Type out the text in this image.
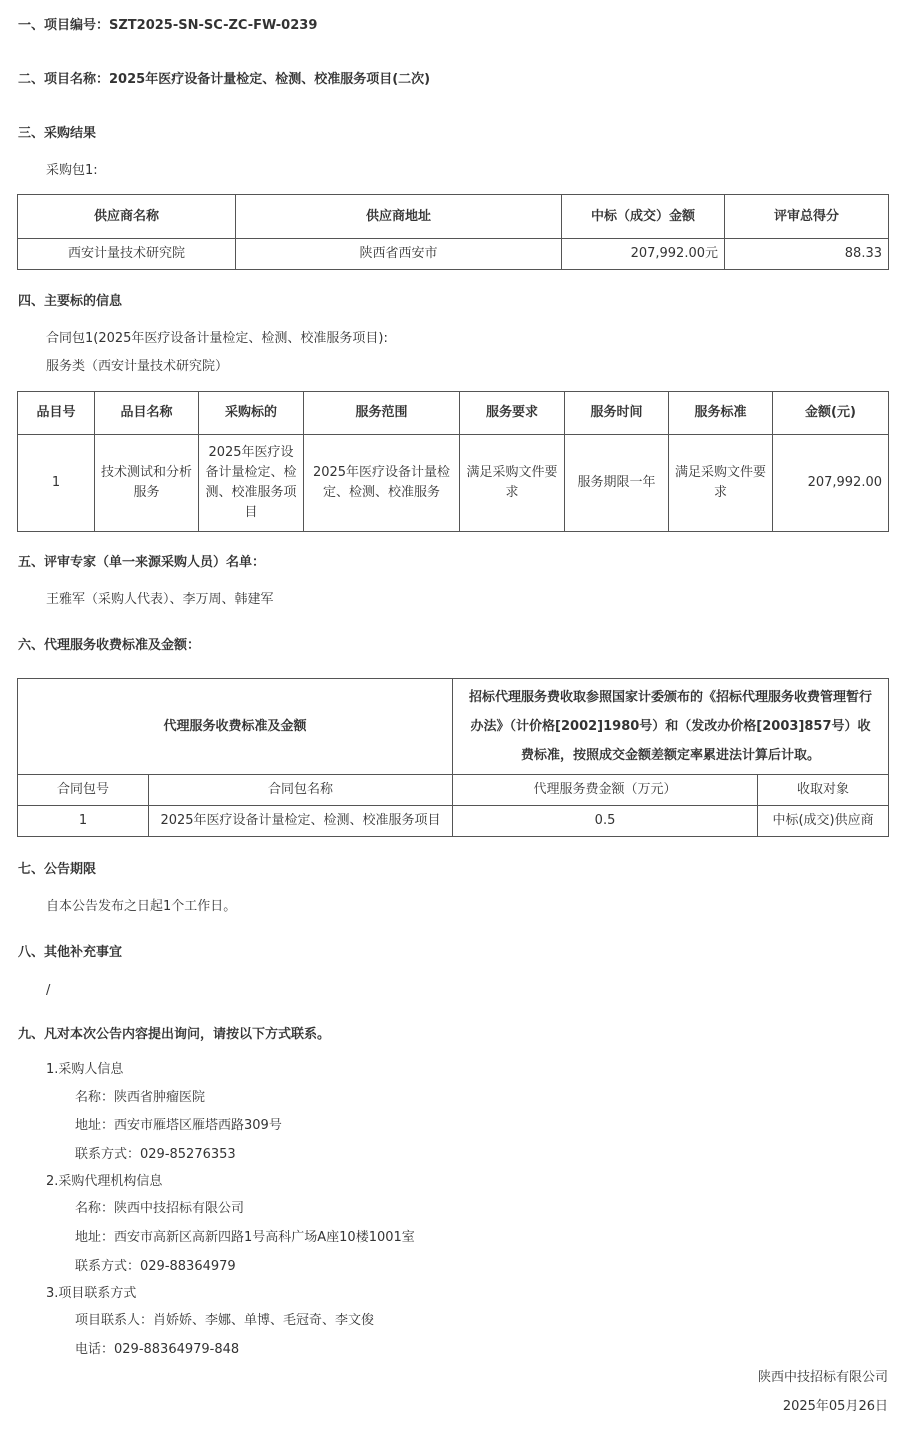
一、项目编号：SZT2025-SN-SC-ZC-FW-0239
二、项目名称：2025年医疗设备计量检定、检测、校准服务项目(二次)
三、采购结果
采购包1:
供应商名称	供应商地址	中标（成交）金额	评审总得分
西安计量技术研究院	陕西省西安市	207,992.00元	88.33
四、主要标的信息
合同包1(2025年医疗设备计量检定、检测、校准服务项目):
服务类（西安计量技术研究院）
品目号	品目名称	采购标的	服务范围	服务要求	服务时间	服务标准	金额(元)
1	技术测试和分析服务	2025年医疗设备计量检定、检测、校准服务项目	2025年医疗设备计量检定、检测、校准服务	满足采购文件要求	服务期限一年	满足采购文件要求	207,992.00
五、评审专家（单一来源采购人员）名单：
王雅军（采购人代表）、李万周、韩建军
六、代理服务收费标准及金额：
代理服务收费标准及金额		招标代理服务费收取参照国家计委颁布的《招标代理服务收费管理暂行办法》（计价格[2002]1980号）和（发改办价格[2003]857号）收费标准，按照成交金额差额定率累进法计算后计取。	
合同包号	合同包名称	代理服务费金额（万元）	收取对象
1	2025年医疗设备计量检定、检测、校准服务项目	0.5	中标(成交)供应商
七、公告期限
自本公告发布之日起1个工作日。
八、其他补充事宜
/
九、凡对本次公告内容提出询问，请按以下方式联系。
1.采购人信息
名称：陕西省肿瘤医院
地址：西安市雁塔区雁塔西路309号
联系方式：029-85276353
2.采购代理机构信息
名称：陕西中技招标有限公司
地址：西安市高新区高新四路1号高科广场A座10楼1001室
联系方式：029-88364979
3.项目联系方式
项目联系人：肖娇娇、李娜、单博、毛冠奇、李文俊
电话：029-88364979-848
陕西中技招标有限公司
2025年05月26日
